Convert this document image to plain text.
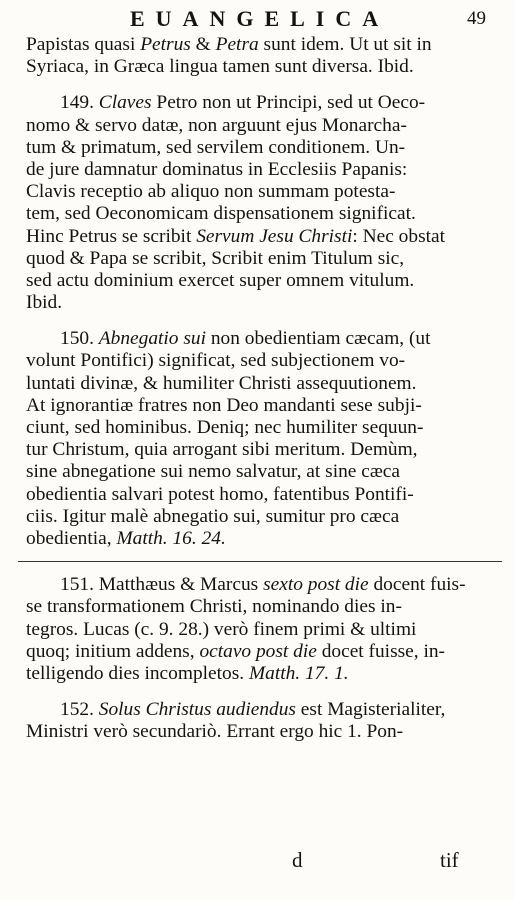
EUANGELICA	49
Papistas quasi Petrus & Petra sunt idem. Ut ut sit in
Syriaca, in Græca lingua tamen sunt diversa. Ibid.
149. Claves Petro non ut Principi, sed ut Oeco-
nomo & servo datæ, non arguunt ejus Monarcha-
tum & primatum, sed servilem conditionem. Un-
de jure damnatur dominatus in Ecclesiis Papanis:
Clavis receptio ab aliquo non summam potesta-
tem, sed Oeconomicam dispensationem significat.
Hinc Petrus se scribit Servum Jesu Christi: Nec obstat
quod & Papa se scribit, Scribit enim Titulum sic,
sed actu dominium exercet super omnem vitulum.
Ibid.
150. Abnegatio sui non obedientiam cæcam, (ut
volunt Pontifici) significat, sed subjectionem vo-
luntati divinæ, & humiliter Christi assequutionem.
At ignorantiæ fratres non Deo mandanti sese subji-
ciunt, sed hominibus. Deniq; nec humiliter sequun-
tur Christum, quia arrogant sibi meritum. Demùm,
sine abnegatione sui nemo salvatur, at sine cæca
obedientia salvari potest homo, fatentibus Pontifi-
ciis. Igitur malè abnegatio sui, sumitur pro cæca
obedientia, Matth. 16. 24.
151. Matthæus & Marcus sexto post die docent fuis-
se transformationem Christi, nominando dies in-
tegros. Lucas (c. 9. 28.) verò finem primi & ultimi
quoq; initium addens, octavo post die docet fuisse, in-
telligendo dies incompletos. Matth. 17. 1.
152. Solus Christus audiendus est Magisterialiter,
Ministri verò secundariò. Errant ergo hic 1. Pon-
d	tif
